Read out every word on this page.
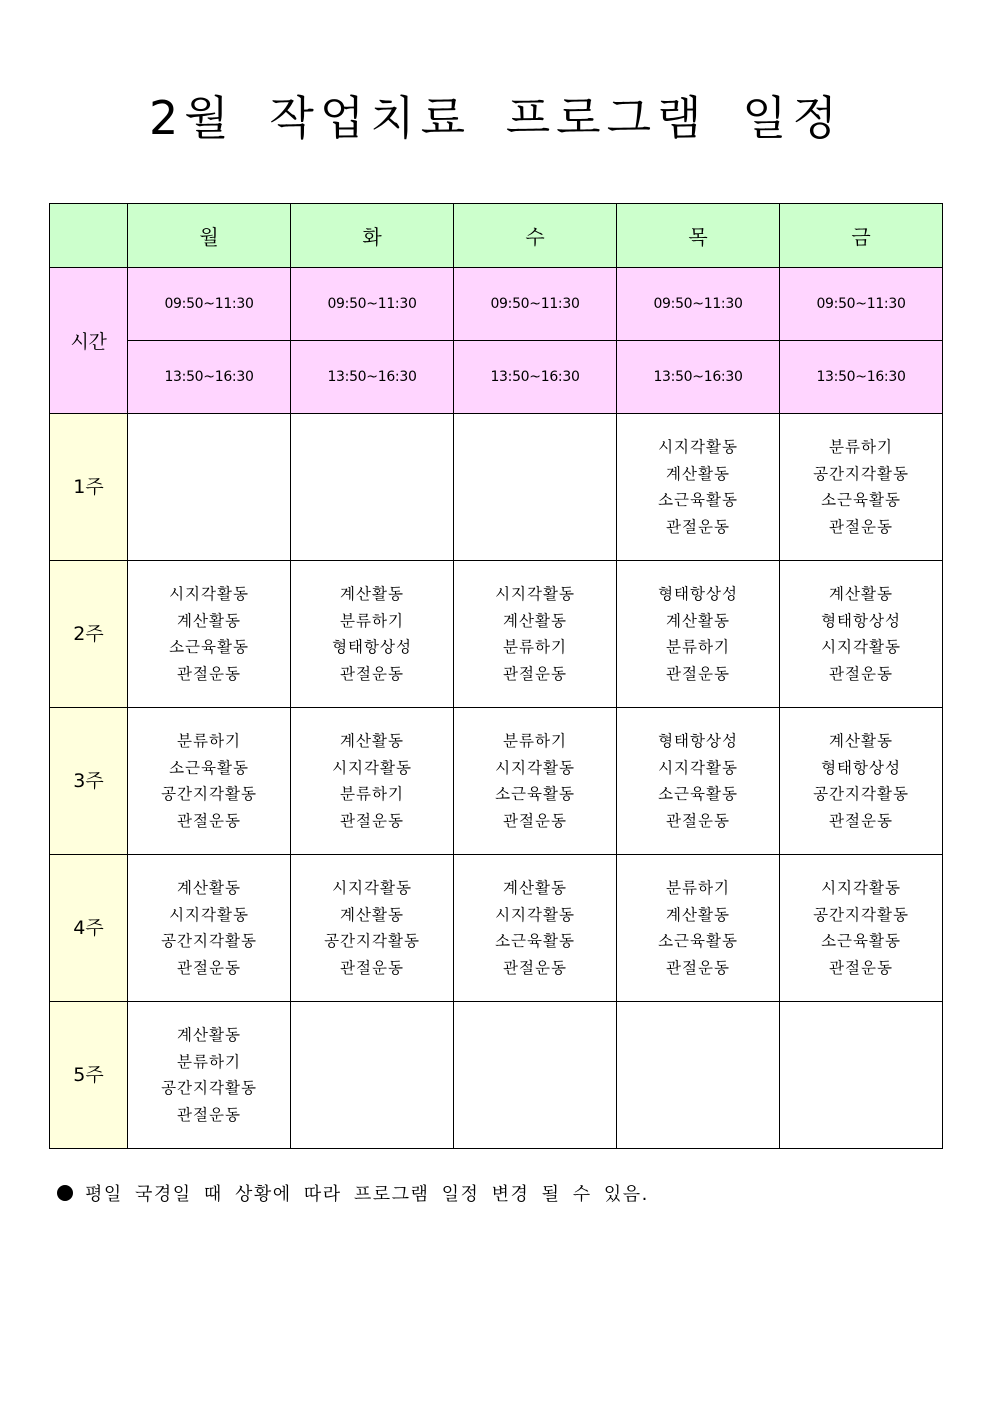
2월 작업치료 프로그램 일정
	월	화	수	목	금
시간	09:50~11:30	09:50~11:30	09:50~11:30	09:50~11:30	09:50~11:30
	13:50~16:30	13:50~16:30	13:50~16:30	13:50~16:30	13:50~16:30
1주				시지각활동
계산활동
소근육활동
관절운동	분류하기
공간지각활동
소근육활동
관절운동

2주	시지각활동
계산활동
소근육활동
관절운동	계산활동
분류하기
형태항상성
관절운동	시지각활동
계산활동
분류하기
관절운동	형태항상성
계산활동
분류하기
관절운동	계산활동
형태항상성
시지각활동
관절운동

3주	분류하기
소근육활동
공간지각활동
관절운동	계산활동
시지각활동
분류하기
관절운동	분류하기
시지각활동
소근육활동
관절운동	형태항상성
시지각활동
소근육활동
관절운동	계산활동
형태항상성
공간지각활동
관절운동

4주	계산활동
시지각활동
공간지각활동
관절운동	시지각활동
계산활동
공간지각활동
관절운동	계산활동
시지각활동
소근육활동
관절운동	분류하기
계산활동
소근육활동
관절운동	시지각활동
공간지각활동
소근육활동
관절운동

5주	계산활동
분류하기
공간지각활동
관절운동				

평일 국경일 때 상황에 따라 프로그램 일정 변경 될 수 있음.
